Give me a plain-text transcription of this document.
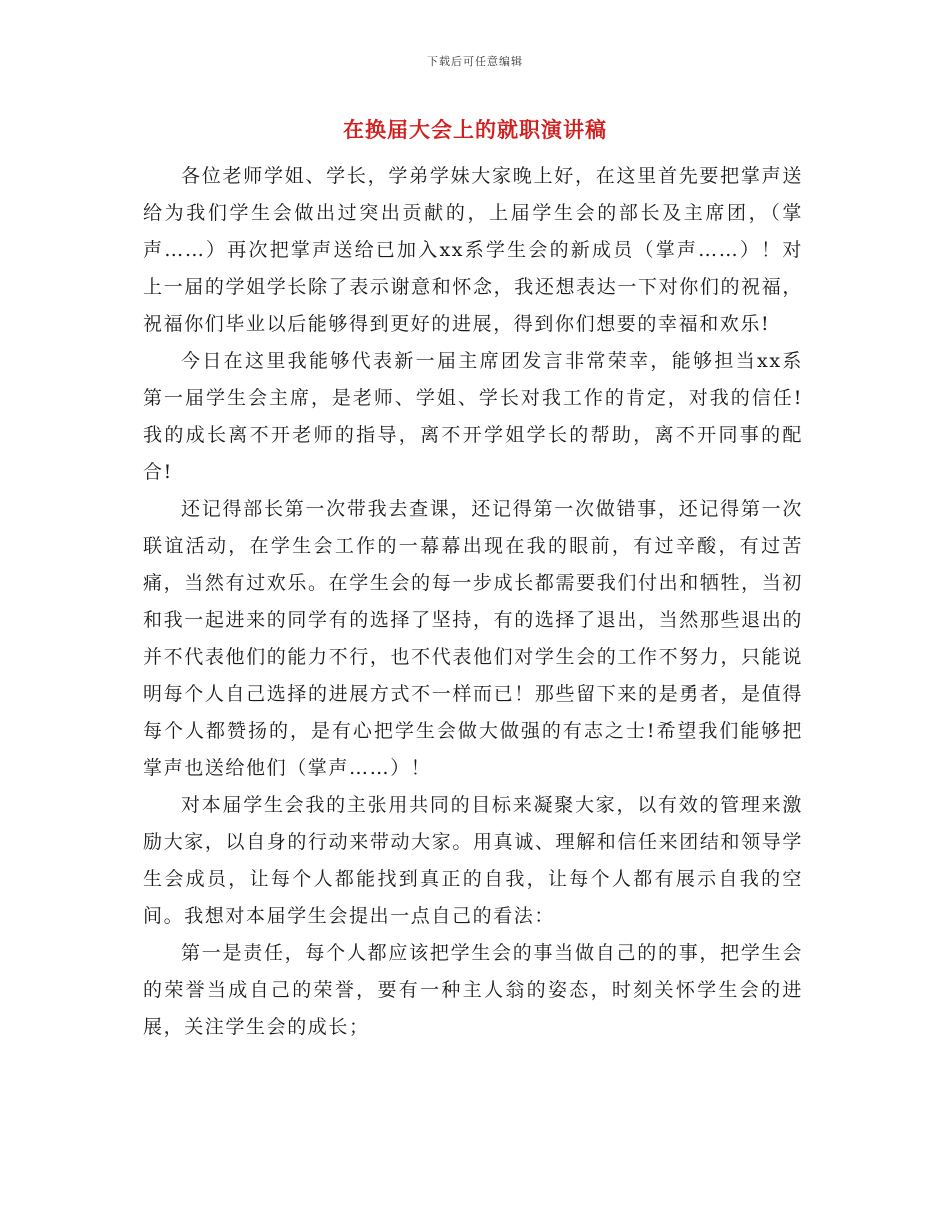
下载后可任意编辑
在换届大会上的就职演讲稿

各位老师学姐、学长，学弟学妹大家晚上好，在这里首先要把掌声送给为我们学生会做出过突出贡献的，上届学生会的部长及主席团，（掌声……）再次把掌声送给已加入xx系学生会的新成员（掌声……）！对上一届的学姐学长除了表示谢意和怀念，我还想表达一下对你们的祝福，祝福你们毕业以后能够得到更好的进展，得到你们想要的幸福和欢乐!

今日在这里我能够代表新一届主席团发言非常荣幸，能够担当xx系第一届学生会主席，是老师、学姐、学长对我工作的肯定，对我的信任!我的成长离不开老师的指导，离不开学姐学长的帮助，离不开同事的配合!

还记得部长第一次带我去查课，还记得第一次做错事，还记得第一次联谊活动，在学生会工作的一幕幕出现在我的眼前，有过辛酸，有过苦痛，当然有过欢乐。在学生会的每一步成长都需要我们付出和牺牲，当初和我一起进来的同学有的选择了坚持，有的选择了退出，当然那些退出的并不代表他们的能力不行，也不代表他们对学生会的工作不努力，只能说明每个人自己选择的进展方式不一样而已！那些留下来的是勇者，是值得每个人都赞扬的，是有心把学生会做大做强的有志之士!希望我们能够把掌声也送给他们（掌声……）！

对本届学生会我的主张用共同的目标来凝聚大家，以有效的管理来激励大家，以自身的行动来带动大家。用真诚、理解和信任来团结和领导学生会成员，让每个人都能找到真正的自我，让每个人都有展示自我的空间。我想对本届学生会提出一点自己的看法：

第一是责任，每个人都应该把学生会的事当做自己的的事，把学生会的荣誉当成自己的荣誉，要有一种主人翁的姿态，时刻关怀学生会的进展，关注学生会的成长；
